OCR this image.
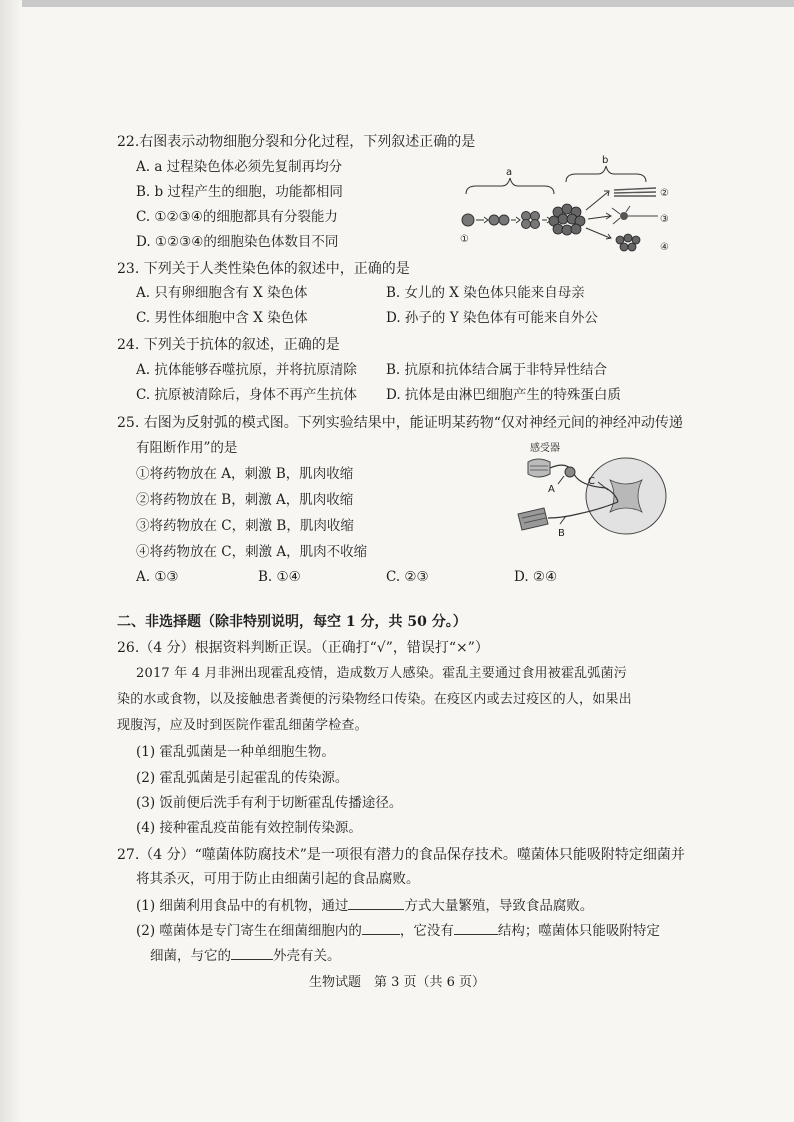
22.右图表示动物细胞分裂和分化过程，下列叙述正确的是
A. a 过程染色体必须先复制再均分
B. b 过程产生的细胞，功能都相同
C. ①②③④的细胞都具有分裂能力
D. ①②③④的细胞染色体数目不同
a
b
①
②
③
④
23. 下列关于人类性染色体的叙述中，正确的是
A. 只有卵细胞含有 X 染色体	B. 女儿的 X 染色体只能来自母亲
C. 男性体细胞中含 X 染色体	D. 孙子的 Y 染色体有可能来自外公
24. 下列关于抗体的叙述，正确的是
A. 抗体能够吞噬抗原，并将抗原清除 B. 抗原和抗体结合属于非特异性结合
C. 抗原被清除后，身体不再产生抗体 D. 抗体是由淋巴细胞产生的特殊蛋白质
25. 右图为反射弧的模式图。下列实验结果中，能证明某药物“仅对神经元间的神经冲动传递
有阻断作用”的是
①将药物放在 A，刺激 B，肌肉收缩
②将药物放在 B，刺激 A，肌肉收缩
③将药物放在 C，刺激 B，肌肉收缩
④将药物放在 C，刺激 A，肌肉不收缩
A. ①③	B. ①④	C. ②③	D. ②④
感受器
A
B
C
二、非选择题（除非特别说明，每空 1 分，共 50 分。）
26.（4 分）根据资料判断正误。（正确打“√”，错误打“×”）
2017 年 4 月非洲出现霍乱疫情，造成数万人感染。霍乱主要通过食用被霍乱弧菌污
染的水或食物，以及接触患者粪便的污染物经口传染。在疫区内或去过疫区的人，如果出
现腹泻，应及时到医院作霍乱细菌学检查。
(1) 霍乱弧菌是一种单细胞生物。
(2) 霍乱弧菌是引起霍乱的传染源。
(3) 饭前便后洗手有利于切断霍乱传播途径。
(4) 接种霍乱疫苗能有效控制传染源。
27.（4 分）“噬菌体防腐技术”是一项很有潜力的食品保存技术。噬菌体只能吸附特定细菌并
将其杀灭，可用于防止由细菌引起的食品腐败。
(1) 细菌利用食品中的有机物，通过	方式大量繁殖，导致食品腐败。
(2) 噬菌体是专门寄生在细菌细胞内的	，它没有	结构；噬菌体只能吸附特定
细菌，与它的	外壳有关。
生物试题　第 3 页（共 6 页）
